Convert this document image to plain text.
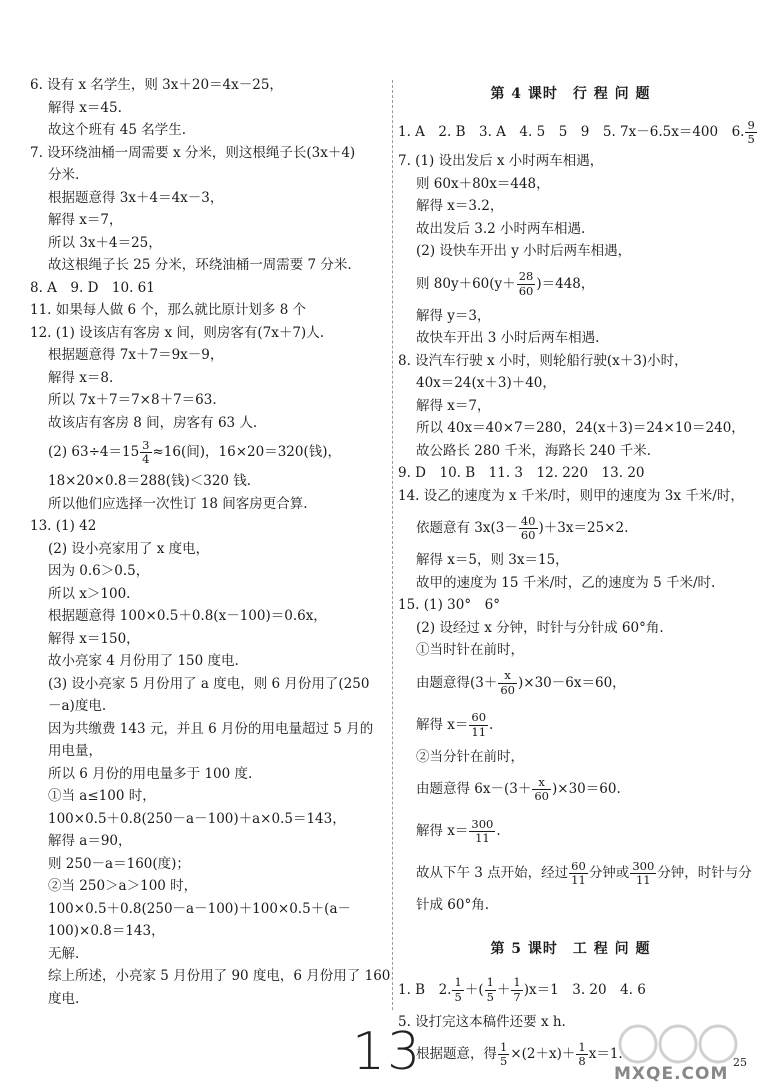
6. 设有 x 名学生，则 3x＋20＝4x－25，
解得 x＝45.
故这个班有 45 名学生.
7. 设环绕油桶一周需要 x 分米，则这根绳子长(3x＋4)
分米.
根据题意得 3x＋4＝4x－3，
解得 x＝7，
所以 3x＋4＝25，
故这根绳子长 25 分米，环绕油桶一周需要 7 分米.
8. A　9. D　10. 61
11. 如果每人做 6 个，那么就比原计划多 8 个
12. (1) 设该店有客房 x 间，则房客有(7x＋7)人.
根据题意得 7x＋7＝9x－9，
解得 x＝8.
所以 7x＋7＝7×8＋7＝63.
故该店有客房 8 间，房客有 63 人.
(2) $63\div 4=15 \frac{3}{4} \approx 16$(间)，16×20＝320(钱)，
18×20×0.8＝288(钱)＜320 钱.
所以他们应选择一次性订 18 间客房更合算.
13. (1) 42
(2) 设小亮家用了 x 度电，
因为 0.6＞0.5，
所以 x＞100.
根据题意得 100×0.5＋0.8(x－100)＝0.6x，
解得 x＝150，
故小亮家 4 月份用了 150 度电.
(3) 设小亮家 5 月份用了 a 度电，则 6 月份用了(250
－a)度电.
因为共缴费 143 元，并且 6 月份的用电量超过 5 月的
用电量，
所以 6 月份的用电量多于 100 度.
①当 a≤100 时，
100×0.5＋0.8(250－a－100)＋a×0.5＝143，
解得 a＝90，
则 250－a＝160(度)；
②当 250＞a＞100 时，
100×0.5＋0.8(250－a－100)＋100×0.5＋(a－
100)×0.8＝143，
无解.
综上所述，小亮家 5 月份用了 90 度电，6 月份用了 160
度电.
第 4 课时　行 程 问 题
1. A　2. B　3. A　4. 5　5　9　5. 7x－6.5x＝400　6. $\frac{9}{5}$
7. (1) 设出发后 x 小时两车相遇，
则 60x＋80x＝448，
解得 x＝3.2，
故出发后 3.2 小时两车相遇.
(2) 设快车开出 y 小时后两车相遇，
则 $80y+60(y+ \frac{28}{60} )=448$，
解得 y＝3，
故快车开出 3 小时后两车相遇.
8. 设汽车行驶 x 小时，则轮船行驶(x＋3)小时，
40x＝24(x＋3)＋40，
解得 x＝7，
所以 40x＝40×7＝280，24(x＋3)＝24×10＝240，
故公路长 280 千米，海路长 240 千米.
9. D　10. B　11. 3　12. 220　13. 20
14. 设乙的速度为 x 千米/时，则甲的速度为 3x 千米/时，
依题意有 $3x(3- \frac{40}{60} )+3x=25\times 2$.
解得 x＝5，则 3x＝15，
故甲的速度为 15 千米/时，乙的速度为 5 千米/时.
15. (1) 30°　6°
(2) 设经过 x 分钟，时针与分针成 60°角.
①当时针在前时，
由题意得$(3+ \frac{x}{60} )\times 30-6x=60$，
解得 $x= \frac{60}{11}$ .
②当分针在前时，
由题意得 $6x-(3+ \frac{x}{60} )\times 30=60$.
解得 $x= \frac{300}{11}$ .
故从下午 3 点开始，经过 $\frac{60}{11}$ 分钟或 $\frac{300}{11}$ 分钟，时针与分
针成 60°角.
第 5 课时　工 程 问 题
1. B　2. $\frac{1}{5}$ ＋( $\frac{1}{5} + \frac{1}{7} )x=1$　3. 20　4. 6
5. 设打完这本稿件还要 x h.
根据题意，得 $\frac{1}{5} \times(2+x)+ \frac{1}{8} x=1$.
13	MXQE.COM
25
